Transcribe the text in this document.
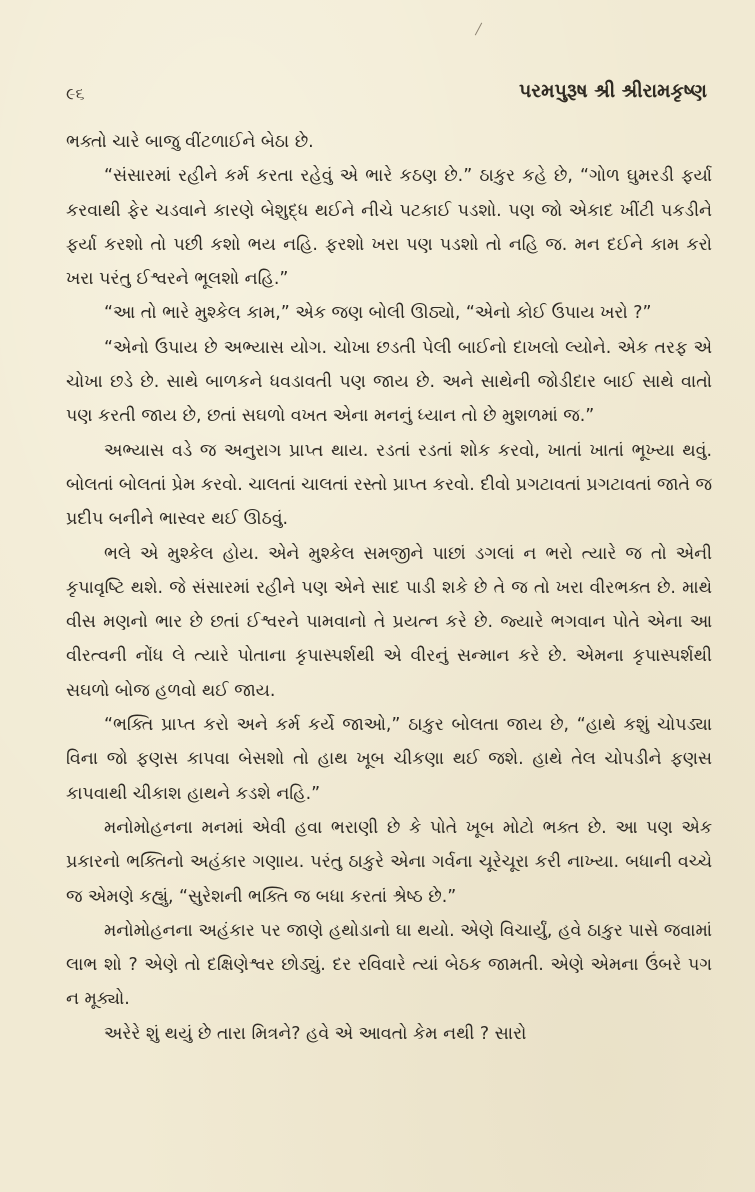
૯૬	પરમપુરૂષ શ્રી શ્રીરામકૃષ્ણ

ભક્તો ચારે બાજુ વીંટળાઈને બેઠા છે.

“સંસારમાં રહીને કર્મ કરતા રહેવું એ ભારે કઠણ છે.” ઠાકુર કહે છે, “ગોળ ઘુમરડી ફર્યા કરવાથી ફેર ચડવાને કારણે બેશુદ્ધ થઈને નીચે પટકાઈ પડશો. પણ જો એકાદ ખીંટી પકડીને ફર્યા કરશો તો પછી કશો ભય નહિ. ફરશો ખરા પણ પડશો તો નહિ જ. મન દઈને કામ કરો ખરા પરંતુ ઈશ્વરને ભૂલશો નહિ.”

“આ તો ભારે મુશ્કેલ કામ,” એક જણ બોલી ઊઠ્યો, “એનો કોઈ ઉપાય ખરો ?”

“એનો ઉપાય છે અભ્યાસ યોગ. ચોખા છડતી પેલી બાઈનો દાખલો લ્યોને. એક તરફ એ ચોખા છડે છે. સાથે બાળકને ધવડાવતી પણ જાય છે. અને સાથેની જોડીદાર બાઈ સાથે વાતો પણ કરતી જાય છે, છતાં સઘળો વખત એના મનનું ધ્યાન તો છે મુશળમાં જ.”

અભ્યાસ વડે જ અનુરાગ પ્રાપ્ત થાય. રડતાં રડતાં શોક કરવો, ખાતાં ખાતાં ભૂખ્યા થવું. બોલતાં બોલતાં પ્રેમ કરવો. ચાલતાં ચાલતાં રસ્તો પ્રાપ્ત કરવો. દીવો પ્રગટાવતાં પ્રગટાવતાં જાતે જ પ્રદીપ બનીને ભાસ્વર થઈ ઊઠવું.

ભલે એ મુશ્કેલ હોય. એને મુશ્કેલ સમજીને પાછાં ડગલાં ન ભરો ત્યારે જ તો એની કૃપાવૃષ્ટિ થશે. જે સંસારમાં રહીને પણ એને સાદ પાડી શકે છે તે જ તો ખરા વીરભક્ત છે. માથે વીસ મણનો ભાર છે છતાં ઈશ્વરને પામવાનો તે પ્રયત્ન કરે છે. જ્યારે ભગવાન પોતે એના આ વીરત્વની નોંધ લે ત્યારે પોતાના કૃપાસ્પર્શથી એ વીરનું સન્માન કરે છે. એમના કૃપાસ્પર્શથી સઘળો બોજ હળવો થઈ જાય.

“ભક્તિ પ્રાપ્ત કરો અને કર્મ કર્યે જાઓ,” ઠાકુર બોલતા જાય છે, “હાથે કશું ચોપડ્યા વિના જો ફણસ કાપવા બેસશો તો હાથ ખૂબ ચીકણા થઈ જશે. હાથે તેલ ચોપડીને ફણસ કાપવાથી ચીકાશ હાથને કડશે નહિ.”

મનોમોહનના મનમાં એવી હવા ભરાણી છે કે પોતે ખૂબ મોટો ભક્ત છે. આ પણ એક પ્રકારનો ભક્તિનો અહંકાર ગણાય. પરંતુ ઠાકુરે એના ગર્વના ચૂરેચૂરા કરી નાખ્યા. બધાની વચ્ચે જ એમણે કહ્યું, “સુરેશની ભક્તિ જ બધા કરતાં શ્રેષ્ઠ છે.”

મનોમોહનના અહંકાર પર જાણે હથોડાનો ઘા થયો. એણે વિચાર્યું, હવે ઠાકુર પાસે જવામાં લાભ શો ? એણે તો દક્ષિણેશ્વર છોડ્યું. દર રવિવારે ત્યાં બેઠક જામતી. એણે એમના ઉંબરે પગ ન મૂક્યો.

અરેરે શું થયું છે તારા મિત્રને? હવે એ આવતો કેમ નથી ? સારો
